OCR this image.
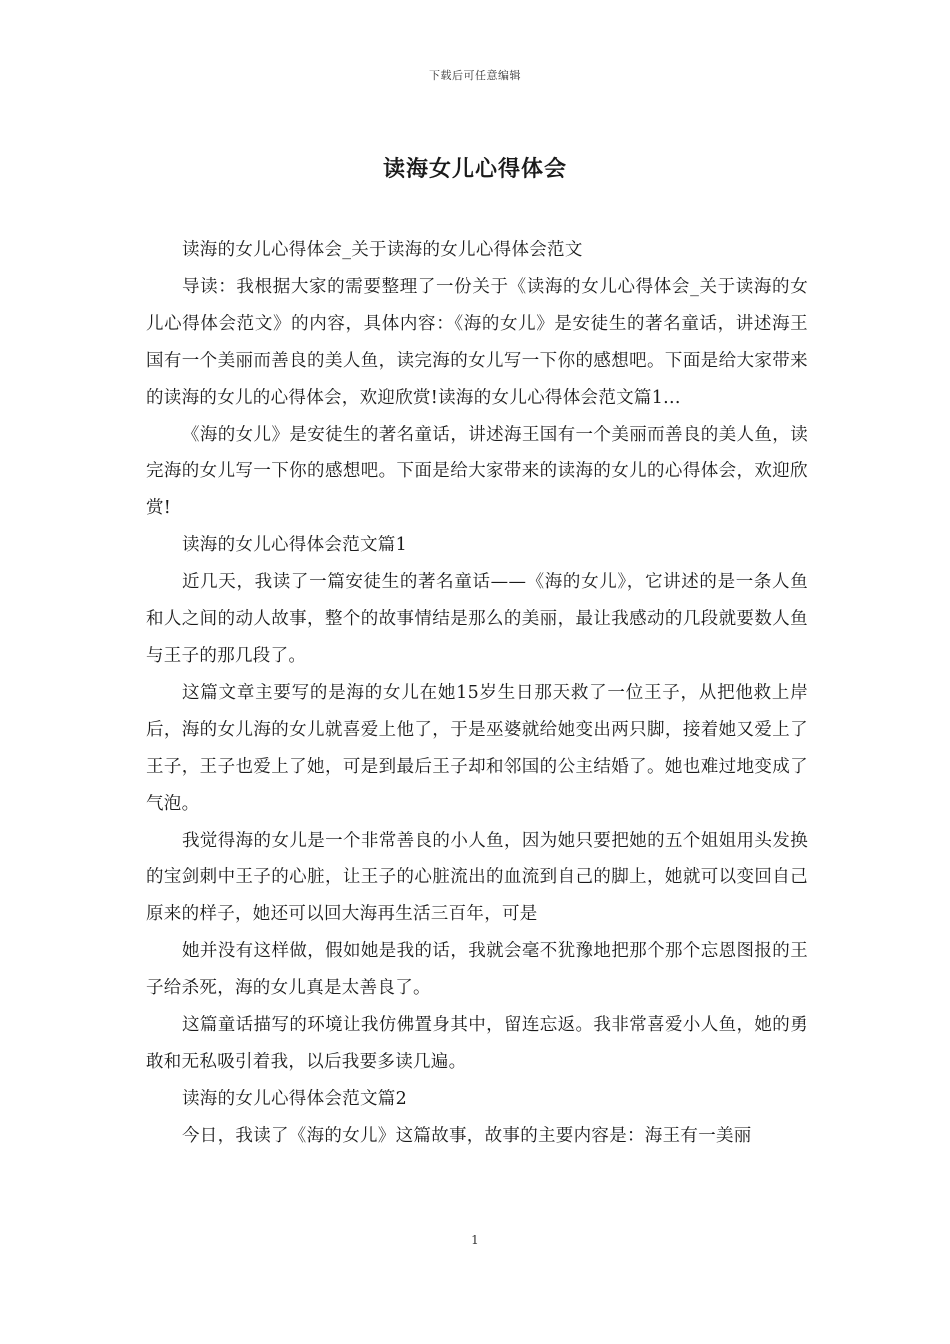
下载后可任意编辑
读海女儿心得体会

读海的女儿心得体会_关于读海的女儿心得体会范文

导读：我根据大家的需要整理了一份关于《读海的女儿心得体会_关于读海的女儿心得体会范文》的内容，具体内容：《海的女儿》是安徒生的著名童话，讲述海王国有一个美丽而善良的美人鱼，读完海的女儿写一下你的感想吧。下面是给大家带来的读海的女儿的心得体会，欢迎欣赏!读海的女儿心得体会范文篇1...

《海的女儿》是安徒生的著名童话，讲述海王国有一个美丽而善良的美人鱼，读完海的女儿写一下你的感想吧。下面是给大家带来的读海的女儿的心得体会，欢迎欣赏!

读海的女儿心得体会范文篇1

近几天，我读了一篇安徒生的著名童话——《海的女儿》，它讲述的是一条人鱼和人之间的动人故事，整个的故事情结是那么的美丽，最让我感动的几段就要数人鱼与王子的那几段了。

这篇文章主要写的是海的女儿在她15岁生日那天救了一位王子，从把他救上岸后，海的女儿海的女儿就喜爱上他了，于是巫婆就给她变出两只脚，接着她又爱上了王子，王子也爱上了她，可是到最后王子却和邻国的公主结婚了。她也难过地变成了气泡。

我觉得海的女儿是一个非常善良的小人鱼，因为她只要把她的五个姐姐用头发换的宝剑刺中王子的心脏，让王子的心脏流出的血流到自己的脚上，她就可以变回自己原来的样子，她还可以回大海再生活三百年，可是

她并没有这样做，假如她是我的话，我就会毫不犹豫地把那个那个忘恩图报的王子给杀死，海的女儿真是太善良了。

这篇童话描写的环境让我仿佛置身其中，留连忘返。我非常喜爱小人鱼，她的勇敢和无私吸引着我，以后我要多读几遍。

读海的女儿心得体会范文篇2

今日，我读了《海的女儿》这篇故事，故事的主要内容是：海王有一美丽

1
